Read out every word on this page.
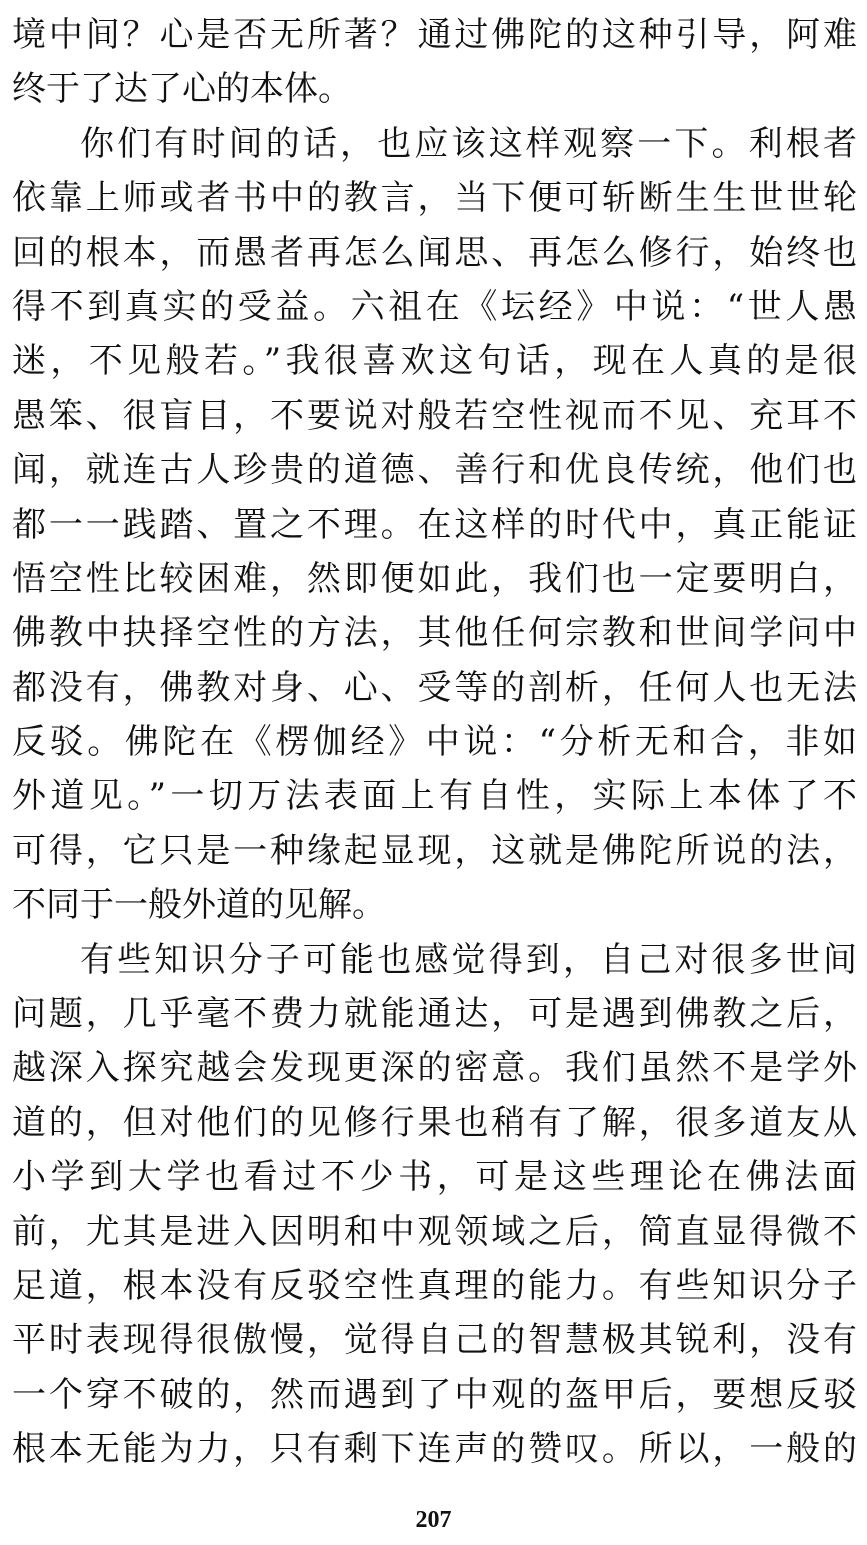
境中间？心是否无所著？通过佛陀的这种引导，阿难
终于了达了心的本体。
你们有时间的话，也应该这样观察一下。利根者
依靠上师或者书中的教言，当下便可斩断生生世世轮
回的根本，而愚者再怎么闻思、再怎么修行，始终也
得不到真实的受益。六祖在《坛经》中说：“世人愚
迷，不见般若。”我很喜欢这句话，现在人真的是很
愚笨、很盲目，不要说对般若空性视而不见、充耳不
闻，就连古人珍贵的道德、善行和优良传统，他们也
都一一践踏、置之不理。在这样的时代中，真正能证
悟空性比较困难，然即便如此，我们也一定要明白，
佛教中抉择空性的方法，其他任何宗教和世间学问中
都没有，佛教对身、心、受等的剖析，任何人也无法
反驳。佛陀在《楞伽经》中说：“分析无和合，非如
外道见。”一切万法表面上有自性，实际上本体了不
可得，它只是一种缘起显现，这就是佛陀所说的法，
不同于一般外道的见解。
有些知识分子可能也感觉得到，自己对很多世间
问题，几乎毫不费力就能通达，可是遇到佛教之后，
越深入探究越会发现更深的密意。我们虽然不是学外
道的，但对他们的见修行果也稍有了解，很多道友从
小学到大学也看过不少书，可是这些理论在佛法面
前，尤其是进入因明和中观领域之后，简直显得微不
足道，根本没有反驳空性真理的能力。有些知识分子
平时表现得很傲慢，觉得自己的智慧极其锐利，没有
一个穿不破的，然而遇到了中观的盔甲后，要想反驳
根本无能为力，只有剩下连声的赞叹。所以，一般的
207
